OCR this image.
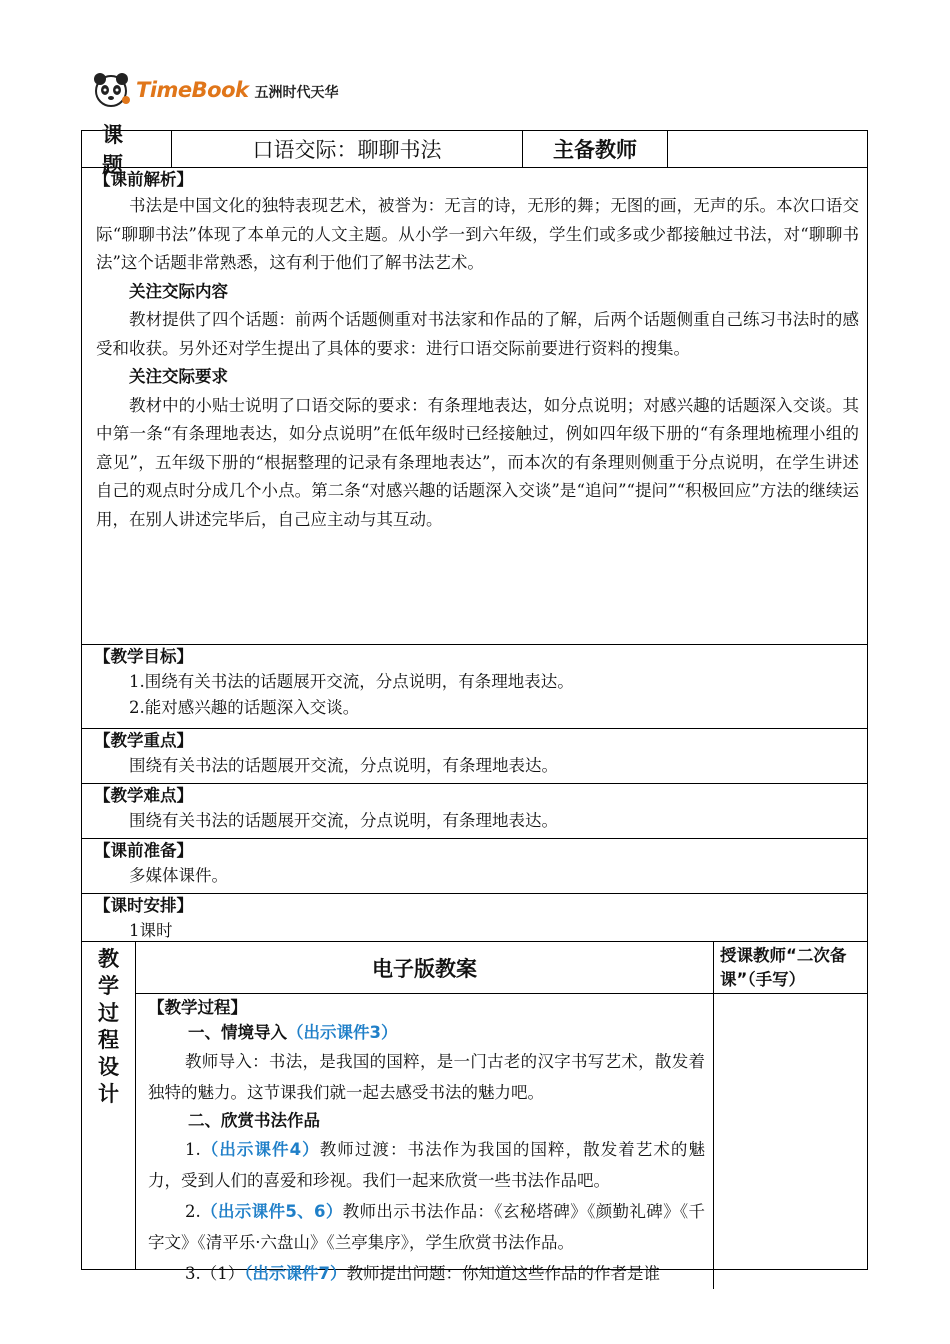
TimeBook 五洲时代天华
课题
口语交际：聊聊书法	主备教师
【课前解析】
书法是中国文化的独特表现艺术，被誉为：无言的诗，无形的舞；无图的画，无声的乐。本次口语交际“聊聊书法”体现了本单元的人文主题。从小学一到六年级，学生们或多或少都接触过书法，对“聊聊书法”这个话题非常熟悉，这有利于他们了解书法艺术。
关注交际内容
教材提供了四个话题：前两个话题侧重对书法家和作品的了解，后两个话题侧重自己练习书法时的感受和收获。另外还对学生提出了具体的要求：进行口语交际前要进行资料的搜集。
关注交际要求
教材中的小贴士说明了口语交际的要求：有条理地表达，如分点说明；对感兴趣的话题深入交谈。其中第一条“有条理地表达，如分点说明”在低年级时已经接触过，例如四年级下册的“有条理地梳理小组的意见”，五年级下册的“根据整理的记录有条理地表达”，而本次的有条理则侧重于分点说明，在学生讲述自己的观点时分成几个小点。第二条“对感兴趣的话题深入交谈”是“追问”“提问”“积极回应”方法的继续运用，在别人讲述完毕后，自己应主动与其互动。
【教学目标】
1.围绕有关书法的话题展开交流，分点说明，有条理地表达。
2.能对感兴趣的话题深入交谈。
【教学重点】
围绕有关书法的话题展开交流，分点说明，有条理地表达。
【教学难点】
围绕有关书法的话题展开交流，分点说明，有条理地表达。
【课前准备】
多媒体课件。
【课时安排】
1课时
教
学
过
程
设
计
电子版教案
授课教师“二次备课”（手写）
【教学过程】
一、情境导入（出示课件3）
教师导入：书法，是我国的国粹，是一门古老的汉字书写艺术，散发着独特的魅力。这节课我们就一起去感受书法的魅力吧。
二、欣赏书法作品
1.（出示课件4）教师过渡：书法作为我国的国粹，散发着艺术的魅力，受到人们的喜爱和珍视。我们一起来欣赏一些书法作品吧。
2.（出示课件5、6）教师出示书法作品：《玄秘塔碑》《颜勤礼碑》《千字文》《清平乐·六盘山》《兰亭集序》，学生欣赏书法作品。
3.（1）（出示课件7）教师提出问题：你知道这些作品的作者是谁
